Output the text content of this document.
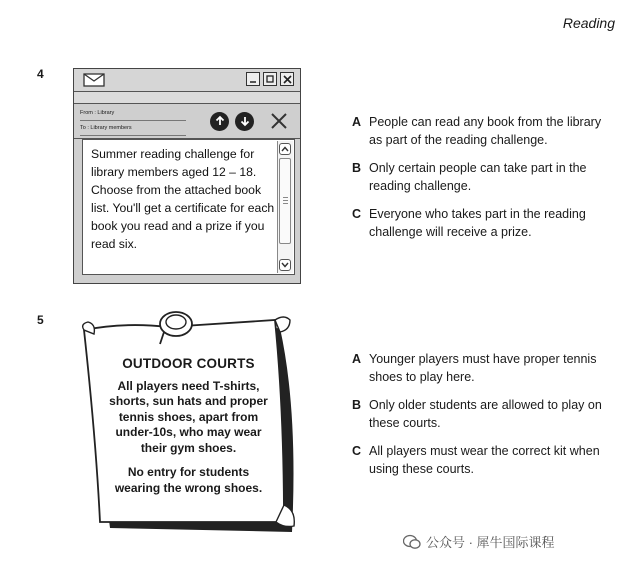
Reading
4
From : Library
To : Library members
Summer reading challenge for library members aged 12 – 18. Choose from the attached book list. You'll get a certificate for each book you read and a prize if you read six.
A People can read any book from the library as part of the reading challenge.
B Only certain people can take part in the reading challenge.
C Everyone who takes part in the reading challenge will receive a prize.
5
OUTDOOR COURTS
All players need T-shirts, shorts, sun hats and proper tennis shoes, apart from under-10s, who may wear their gym shoes.
No entry for students wearing the wrong shoes.
A Younger players must have proper tennis shoes to play here.
B Only older students are allowed to play on these courts.
C All players must wear the correct kit when using these courts.
公众号 · 犀牛国际课程
